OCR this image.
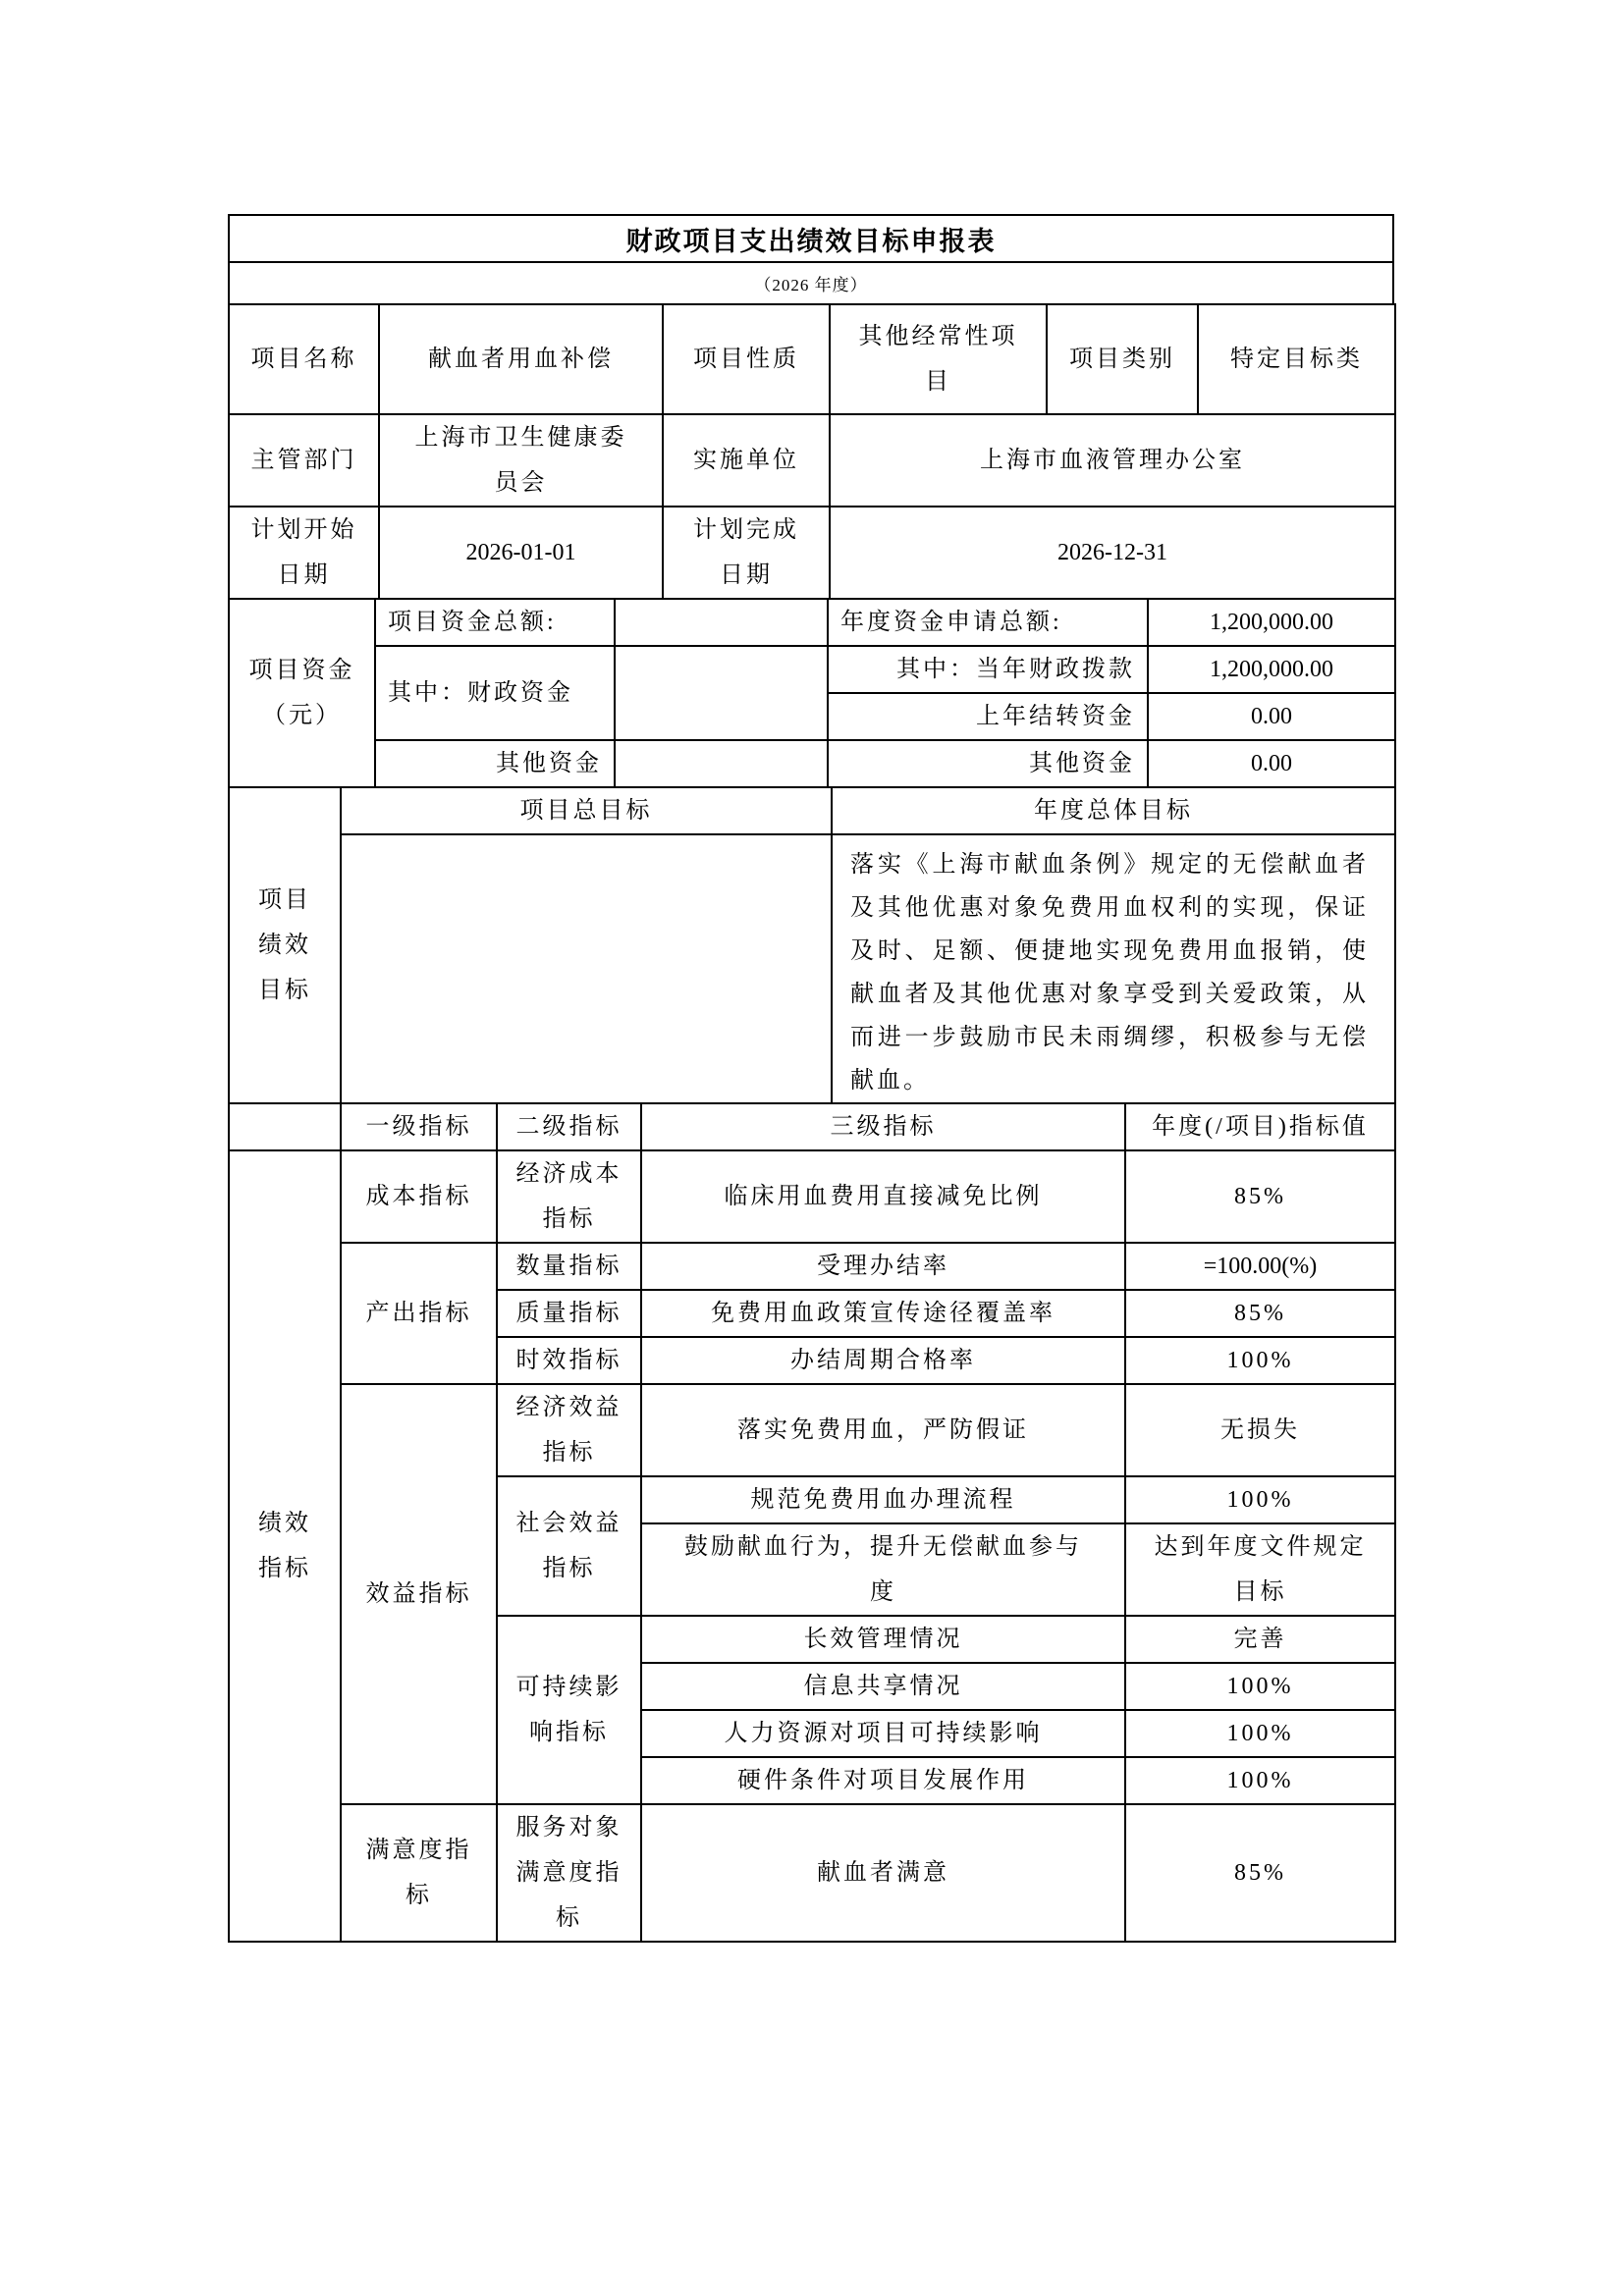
财政项目支出绩效目标申报表
（2026 年度）
项目名称	献血者用血补偿	项目性质	其他经常性项目	项目类别	特定目标类
主管部门	上海市卫生健康委员会	实施单位	上海市血液管理办公室		
计划开始日期	2026-01-01	计划完成日期	2026-12-31		
项目资金（元）	项目资金总额:		年度资金申请总额:	1,200,000.00
	其中：财政资金		其中：当年财政拨款	1,200,000.00
			上年结转资金	0.00
	其他资金		其他资金	0.00
项目绩效目标	项目总目标	年度总体目标
		落实《上海市献血条例》规定的无偿献血者及其他优惠对象免费用血权利的实现，保证及时、足额、便捷地实现免费用血报销，使献血者及其他优惠对象享受到关爱政策，从而进一步鼓励市民未雨绸缪，积极参与无偿献血。
	一级指标	二级指标	三级指标	年度(/项目)指标值
绩效指标	成本指标	经济成本指标	临床用血费用直接减免比例	85%
	产出指标	数量指标	受理办结率	=100.00(%)
		质量指标	免费用血政策宣传途径覆盖率	85%
		时效指标	办结周期合格率	100%
	效益指标	经济效益指标	落实免费用血，严防假证	无损失
		社会效益指标	规范免费用血办理流程	100%
			鼓励献血行为，提升无偿献血参与度	达到年度文件规定目标
		可持续影响指标	长效管理情况	完善
			信息共享情况	100%
			人力资源对项目可持续影响	100%
			硬件条件对项目发展作用	100%
	满意度指标	服务对象满意度指标	献血者满意	85%
